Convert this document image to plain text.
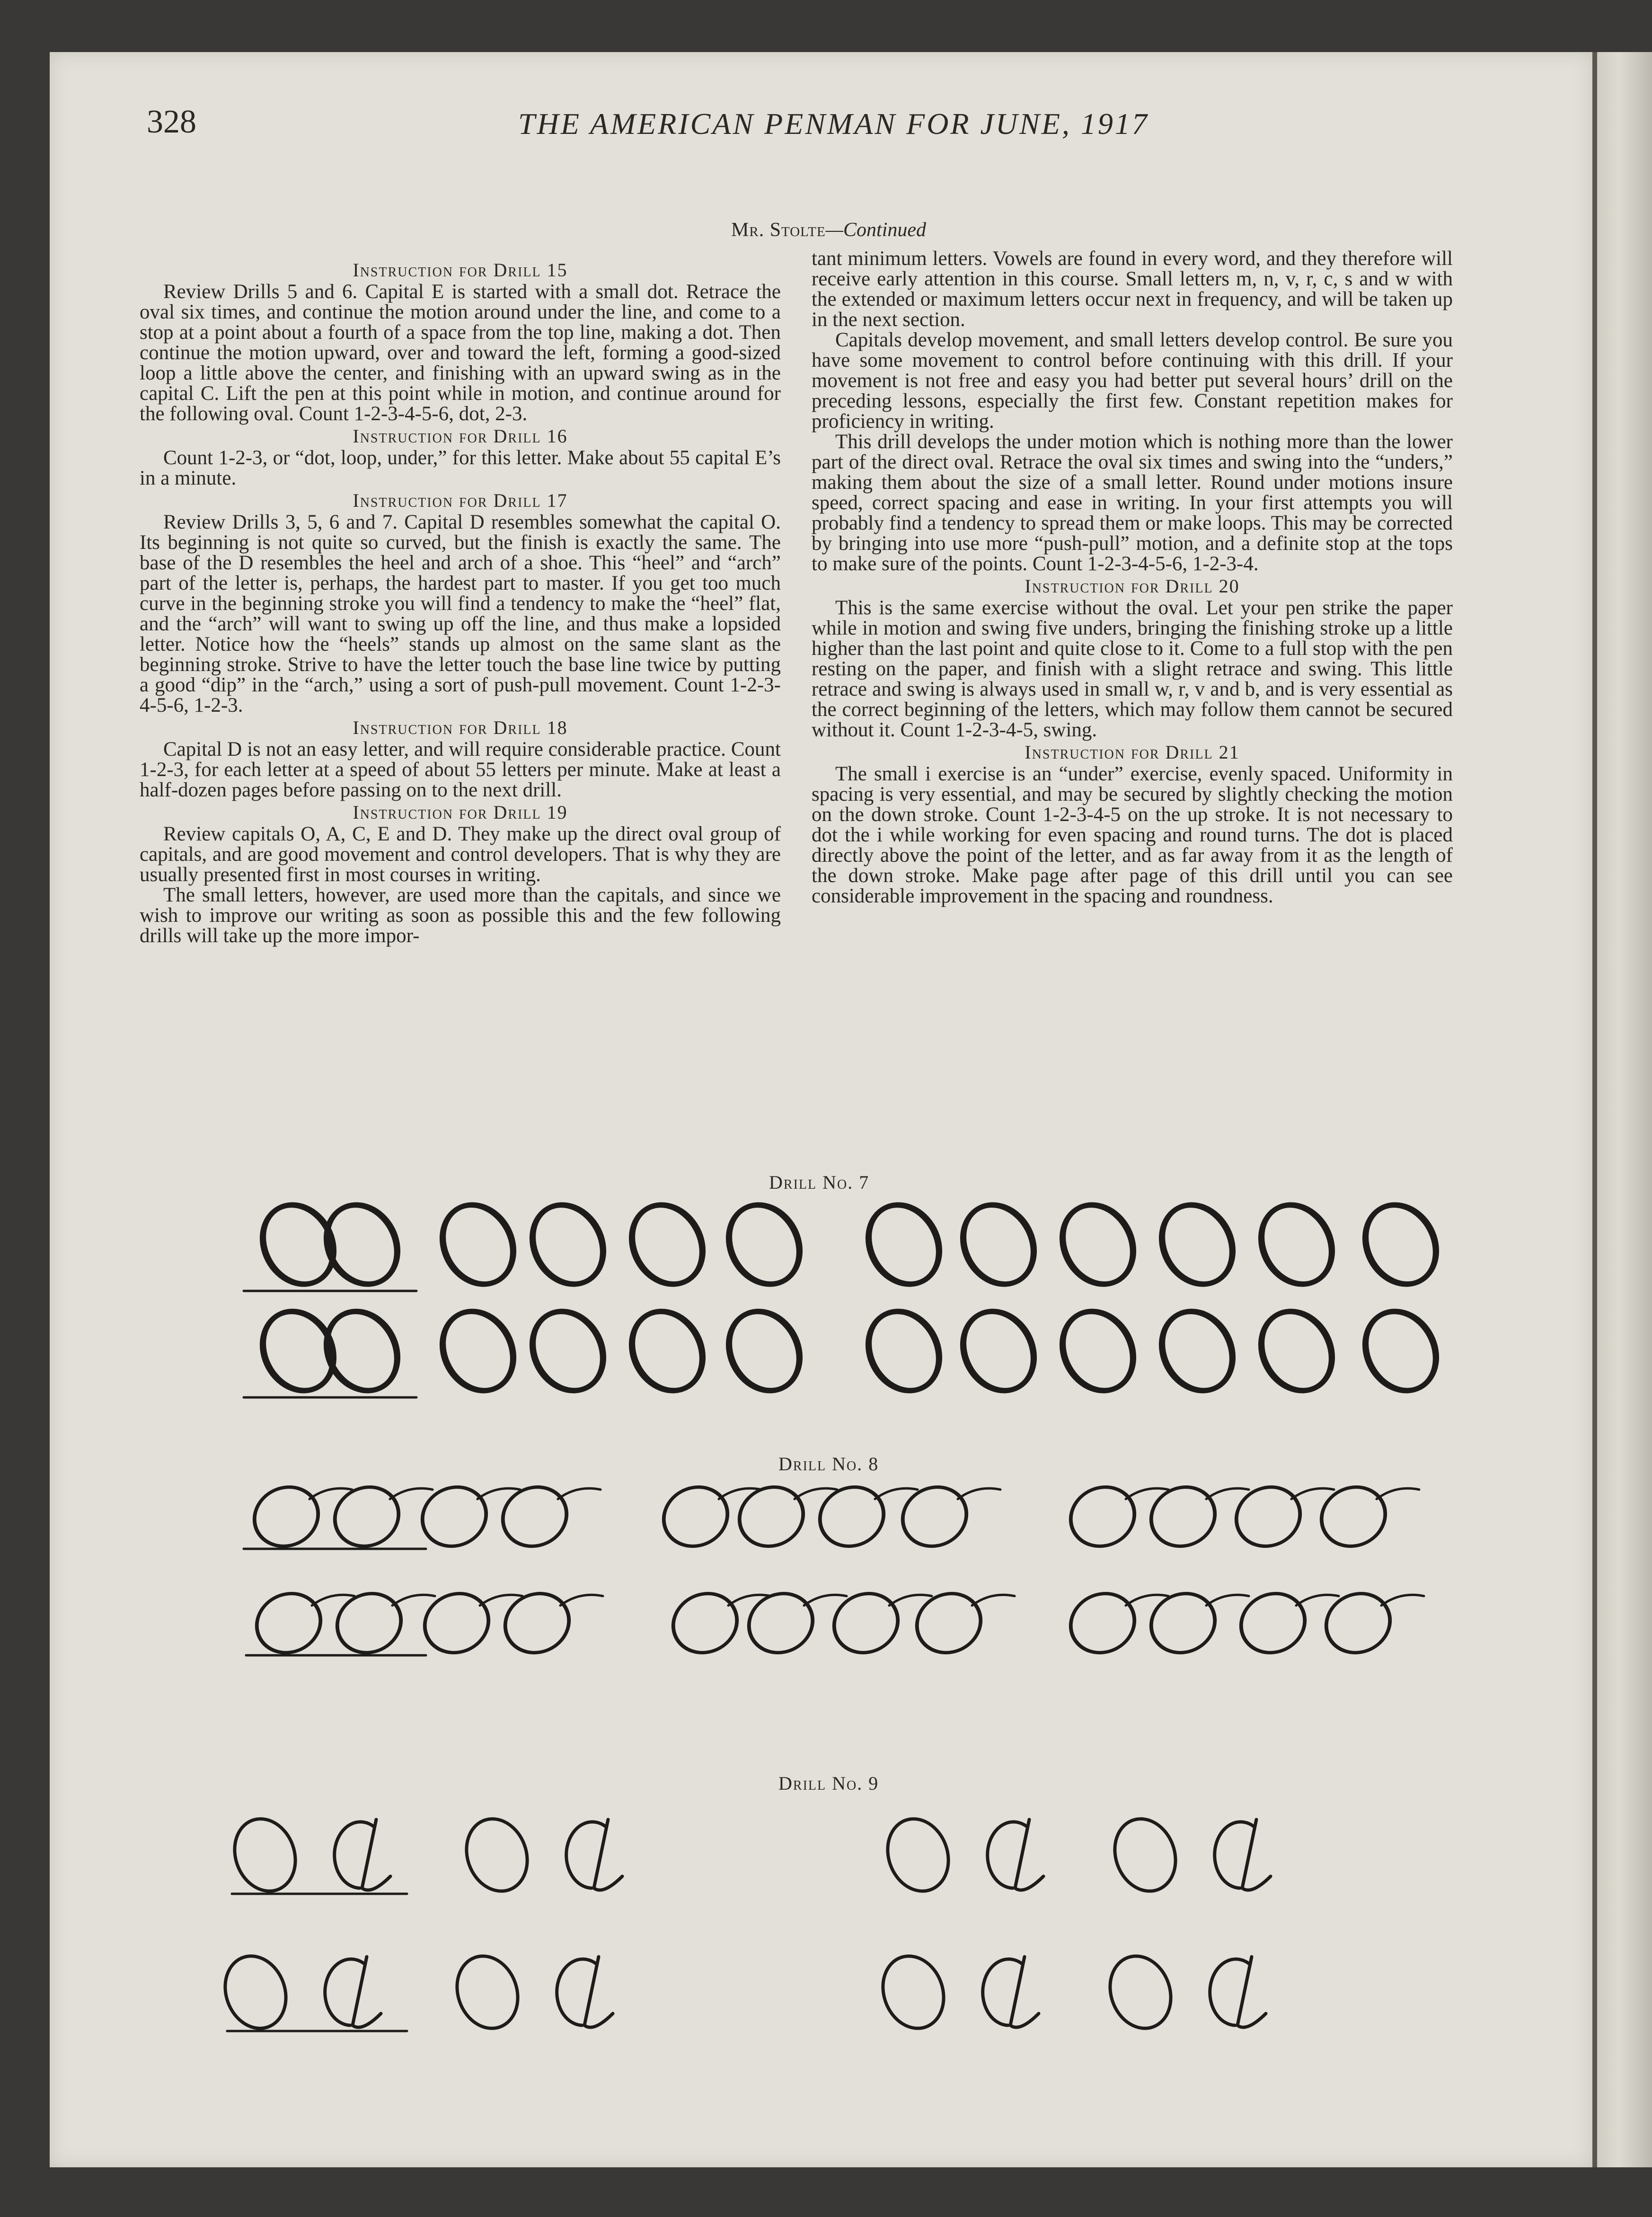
328	THE AMERICAN PENMAN FOR JUNE, 1917
Mr. Stolte—Continued
Instruction for Drill 15

Review Drills 5 and 6. Capital E is started with a small dot. Retrace the oval six times, and continue the motion around under the line, and come to a stop at a point about a fourth of a space from the top line, making a dot. Then continue the motion upward, over and toward the left, forming a good-sized loop a little above the center, and finishing with an upward swing as in the capital C. Lift the pen at this point while in motion, and continue around for the following oval. Count 1-2-3-4-5-6, dot, 2-3.

Instruction for Drill 16

Count 1-2-3, or “dot, loop, under,” for this letter. Make about 55 capital E’s in a minute.

Instruction for Drill 17

Review Drills 3, 5, 6 and 7. Capital D resembles somewhat the capital O. Its beginning is not quite so curved, but the finish is exactly the same. The base of the D resembles the heel and arch of a shoe. This “heel” and “arch” part of the letter is, perhaps, the hardest part to master. If you get too much curve in the beginning stroke you will find a tendency to make the “heel” flat, and the “arch” will want to swing up off the line, and thus make a lopsided letter. Notice how the “heels” stands up almost on the same slant as the beginning stroke. Strive to have the letter touch the base line twice by putting a good “dip” in the “arch,” using a sort of push-pull movement. Count 1-2-3-4-5-6, 1-2-3.

Instruction for Drill 18

Capital D is not an easy letter, and will require considerable practice. Count 1-2-3, for each letter at a speed of about 55 letters per minute. Make at least a half-dozen pages before passing on to the next drill.

Instruction for Drill 19

Review capitals O, A, C, E and D. They make up the direct oval group of capitals, and are good movement and control developers. That is why they are usually presented first in most courses in writing.

The small letters, however, are used more than the capitals, and since we wish to improve our writing as soon as possible this and the few following drills will take up the more impor-

tant minimum letters. Vowels are found in every word, and they therefore will receive early attention in this course. Small letters m, n, v, r, c, s and w with the extended or maximum letters occur next in frequency, and will be taken up in the next section.

Capitals develop movement, and small letters develop control. Be sure you have some movement to control before continuing with this drill. If your movement is not free and easy you had better put several hours’ drill on the preceding lessons, especially the first few. Constant repetition makes for proficiency in writing.

This drill develops the under motion which is nothing more than the lower part of the direct oval. Retrace the oval six times and swing into the “unders,” making them about the size of a small letter. Round under motions insure speed, correct spacing and ease in writing. In your first attempts you will probably find a tendency to spread them or make loops. This may be corrected by bringing into use more “push-pull” motion, and a definite stop at the tops to make sure of the points. Count 1-2-3-4-5-6, 1-2-3-4.

Instruction for Drill 20

This is the same exercise without the oval. Let your pen strike the paper while in motion and swing five unders, bringing the finishing stroke up a little higher than the last point and quite close to it. Come to a full stop with the pen resting on the paper, and finish with a slight retrace and swing. This little retrace and swing is always used in small w, r, v and b, and is very essential as the correct beginning of the letters, which may follow them cannot be secured without it. Count 1-2-3-4-5, swing.

Instruction for Drill 21

The small i exercise is an “under” exercise, evenly spaced. Uniformity in spacing is very essential, and may be secured by slightly checking the motion on the down stroke. Count 1-2-3-4-5 on the up stroke. It is not necessary to dot the i while working for even spacing and round turns. The dot is placed directly above the point of the letter, and as far away from it as the length of the down stroke. Make page after page of this drill until you can see considerable improvement in the spacing and roundness.

Drill No. 7
Drill No. 8
Drill No. 9
